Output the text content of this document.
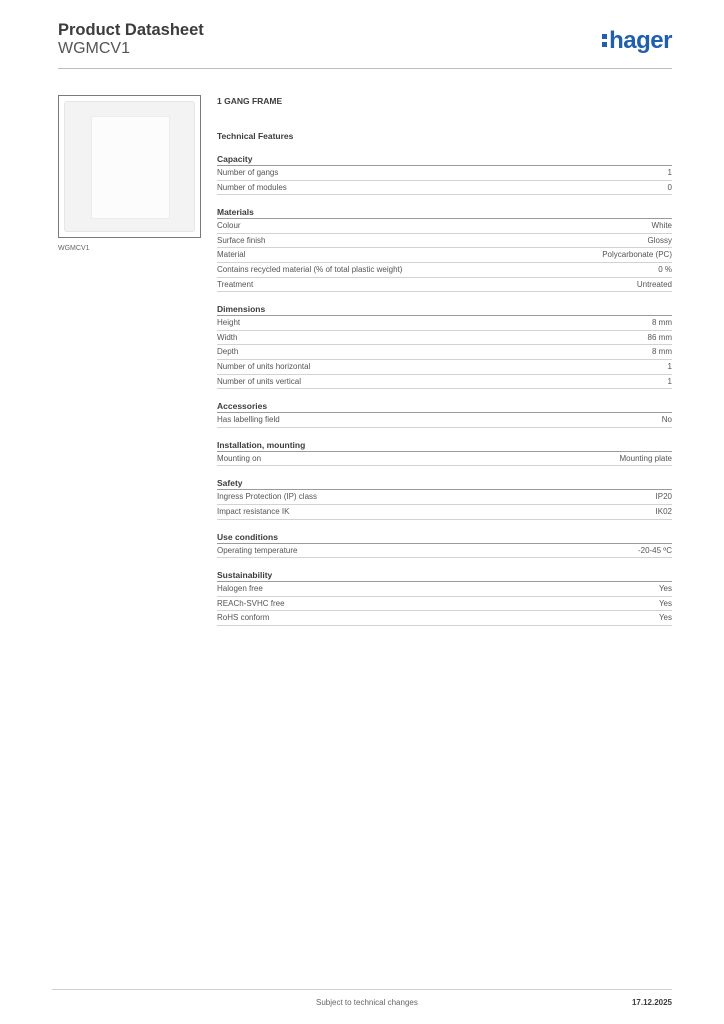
Product Datasheet
WGMCV1	hager
WGMCV1
1 GANG FRAME
Technical Features
Capacity
Number of gangs	1
Number of modules	0
Materials
Colour	White
Surface finish	Glossy
Material	Polycarbonate (PC)
Contains recycled material (% of total plastic weight)	0 %
Treatment	Untreated
Dimensions
Height	8 mm
Width	86 mm
Depth	8 mm
Number of units horizontal	1
Number of units vertical	1
Accessories
Has labelling field	No
Installation, mounting
Mounting on	Mounting plate
Safety
Ingress Protection (IP) class	IP20
Impact resistance IK	IK02
Use conditions
Operating temperature	-20-45 ºC
Sustainability
Halogen free	Yes
REACh-SVHC free	Yes
RoHS conform	Yes
Subject to technical changes	17.12.2025
